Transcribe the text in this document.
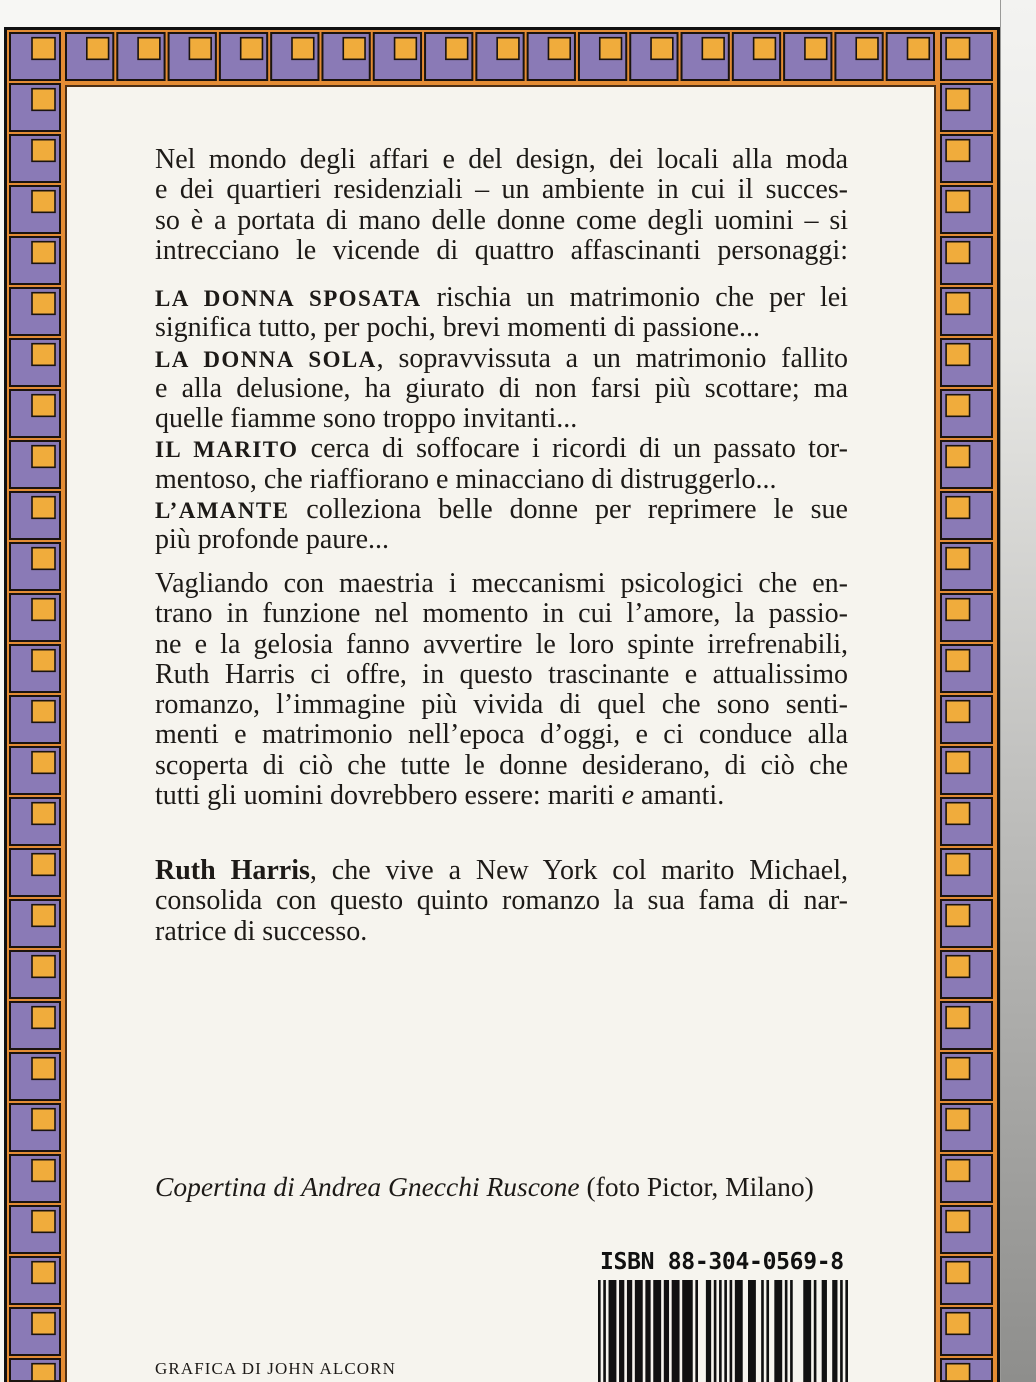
Nel mondo degli affari e del design, dei locali alla moda
e dei quartieri residenziali – un ambiente in cui il succes-
so è a portata di mano delle donne come degli uomini – si
intrecciano le vicende di quattro affascinanti personaggi:
LA DONNA SPOSATA rischia un matrimonio che per lei
significa tutto, per pochi, brevi momenti di passione...
LA DONNA SOLA, sopravvissuta a un matrimonio fallito
e alla delusione, ha giurato di non farsi più scottare; ma
quelle fiamme sono troppo invitanti...
IL MARITO cerca di soffocare i ricordi di un passato tor-
mentoso, che riaffiorano e minacciano di distruggerlo...
L’AMANTE colleziona belle donne per reprimere le sue
più profonde paure...
Vagliando con maestria i meccanismi psicologici che en-
trano in funzione nel momento in cui l’amore, la passio-
ne e la gelosia fanno avvertire le loro spinte irrefrenabili,
Ruth Harris ci offre, in questo trascinante e attualissimo
romanzo, l’immagine più vivida di quel che sono senti-
menti e matrimonio nell’epoca d’oggi, e ci conduce alla
scoperta di ciò che tutte le donne desiderano, di ciò che
tutti gli uomini dovrebbero essere: mariti e amanti.
Ruth Harris, che vive a New York col marito Michael,
consolida con questo quinto romanzo la sua fama di nar-
ratrice di successo.
Copertina di Andrea Gnecchi Ruscone (foto Pictor, Milano)
ISBN 88-304-0569-8
GRAFICA DI JOHN ALCORN
